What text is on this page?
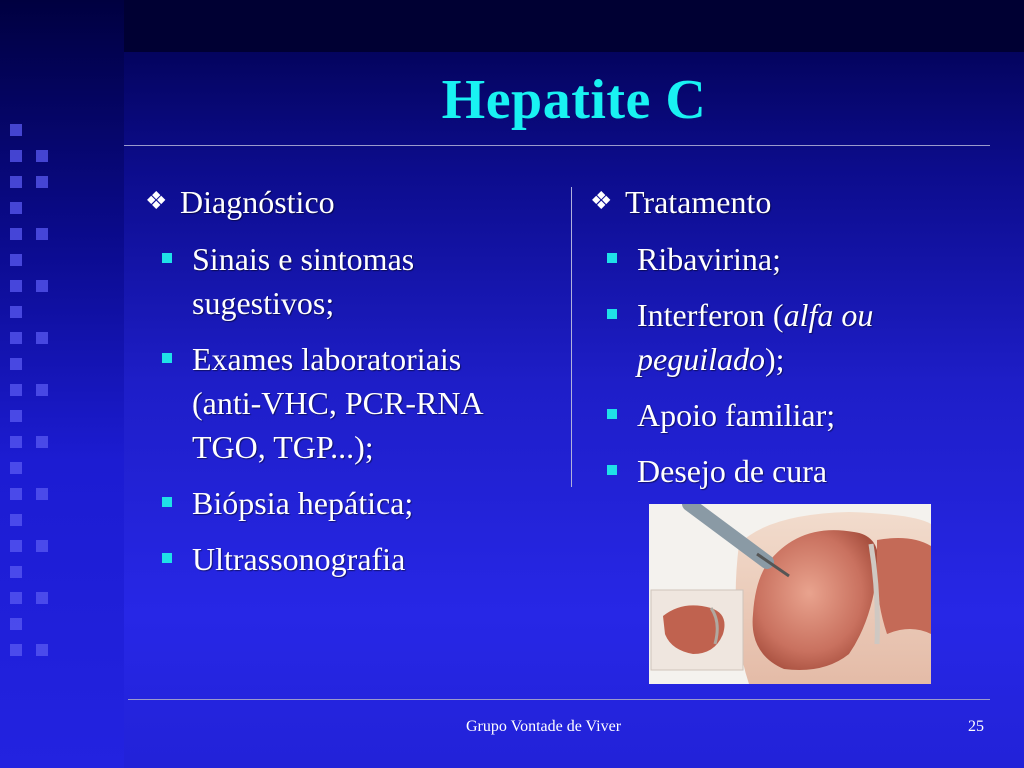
Hepatite C
❖ Diagnóstico
Sinais e sintomas sugestivos;
Exames laboratoriais (anti-VHC, PCR-RNA TGO, TGP...);
Biópsia hepática;
Ultrassonografia
❖ Tratamento
Ribavirina;
Interferon (alfa ou peguilado);
Apoio familiar;
Desejo de cura
Grupo Vontade de Viver	25
